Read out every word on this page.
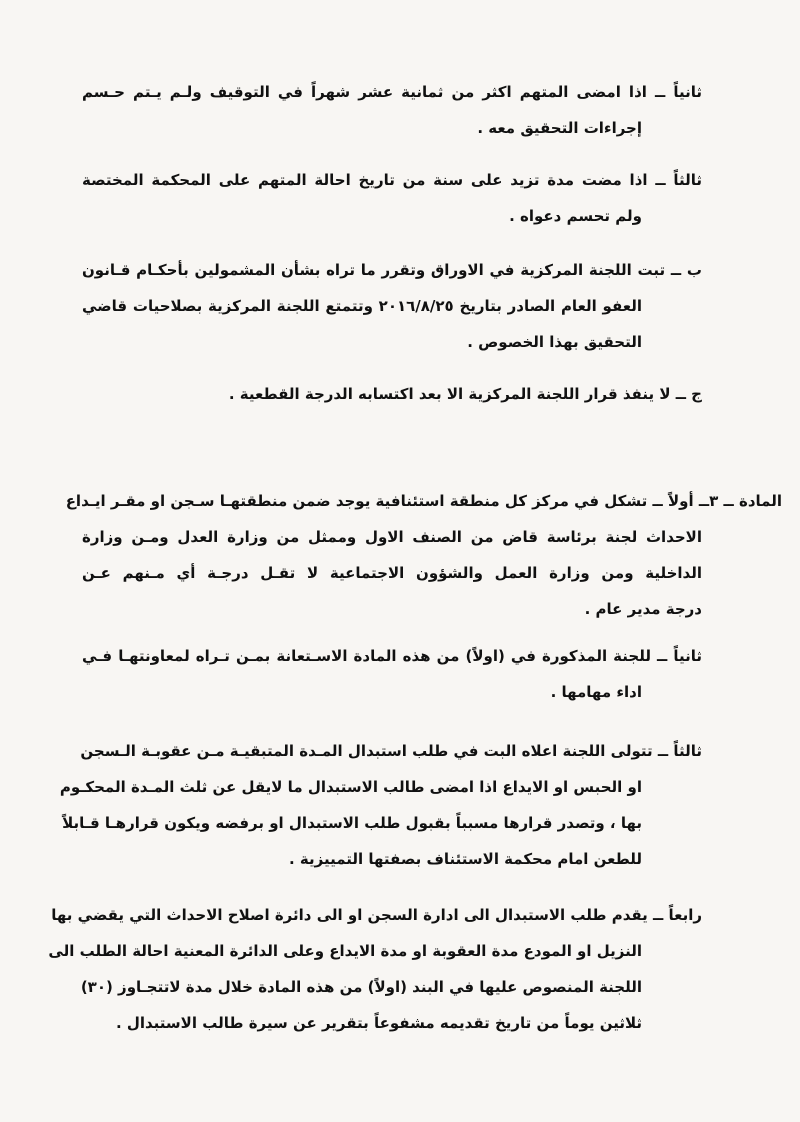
ثانياً ــ اذا امضى المتهم اكثر من ثمانية عشر شهراً في التوقيف ولـم يـتم حـسم
إجراءات التحقيق معه .
ثالثاً ــ اذا مضت مدة تزيد على سنة من تاريخ احالة المتهم على المحكمة المختصة
ولم تحسم دعواه .
ب ــ تبت اللجنة المركزية في الاوراق وتقرر ما تراه بشأن المشمولين بأحكـام قـانون
العفو العام الصادر بتاريخ ٢٠١٦/٨/٢٥ وتتمتع اللجنة المركزية بصلاحيات قاضي
التحقيق بهذا الخصوص .
ج ــ لا ينفذ قرار اللجنة المركزية الا بعد اكتسابه الدرجة القطعية .
المادة ــ ٣ــ أولاً ــ تشكل في مركز كل منطقة استئنافية يوجد ضمن منطقتهـا سـجن او مقـر ايـداع
الاحداث لجنة برئاسة قاض من الصنف الاول وممثل من وزارة العدل ومـن وزارة
الداخلية ومن وزارة العمل والشؤون الاجتماعية لا تقـل درجـة أي مـنهم عـن
درجة مدير عام .
ثانياً ــ للجنة المذكورة في (اولاً) من هذه المادة الاسـتعانة بمـن تـراه لمعاونتهـا فـي
اداء مهامها .
ثالثاً ــ تتولى اللجنة اعلاه البت في طلب استبدال المـدة المتبقيـة مـن عقوبـة الـسجن
او الحبس او الايداع اذا امضى طالب الاستبدال ما لايقل عن ثلث المـدة المحكـوم
بها ، وتصدر قرارها مسبباً بقبول طلب الاستبدال او برفضه ويكون قرارهـا قـابلاً
للطعن امام محكمة الاستئناف بصفتها التمييزية .
رابعاً ــ يقدم طلب الاستبدال الى ادارة السجن او الى دائرة اصلاح الاحداث التي يقضي بها
النزيل او المودع مدة العقوبة او مدة الايداع وعلى الدائرة المعنية احالة الطلب الى
اللجنة المنصوص عليها في البند (اولاً) من هذه المادة خلال مدة لاتتجـاوز (٣٠)
ثلاثين يوماً من تاريخ تقديمه مشفوعاً بتقرير عن سيرة طالب الاستبدال .
